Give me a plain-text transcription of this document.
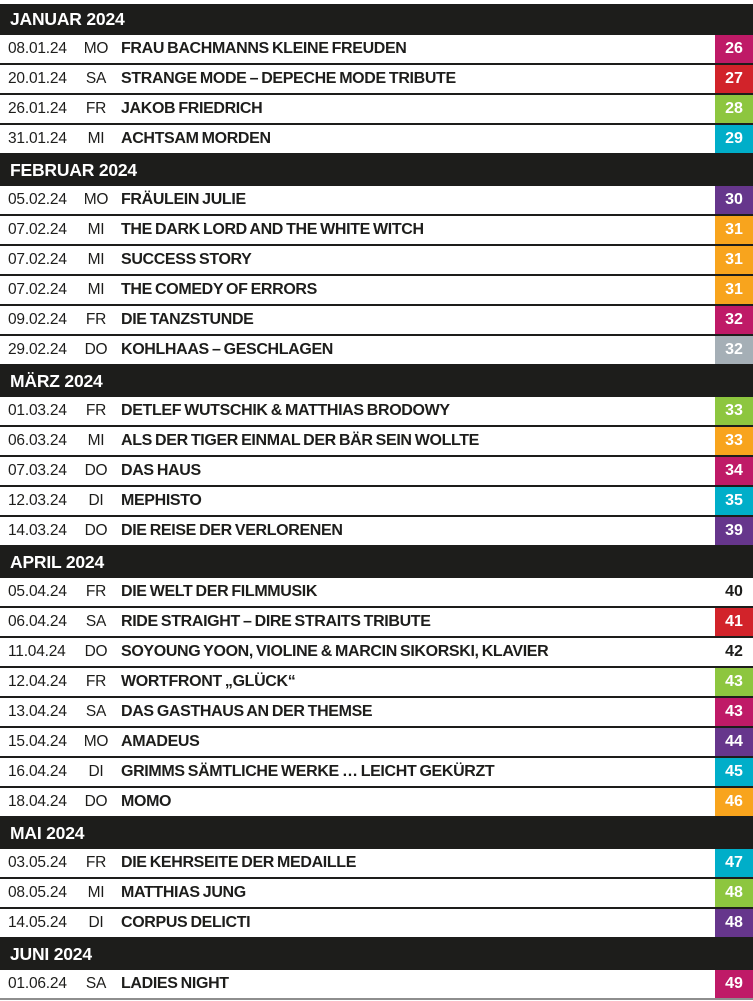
JANUAR 2024
08.01.24	MO FRAU BACHMANNS KLEINE FREUDEN	26
20.01.24	SA STRANGE MODE – DEPECHE MODE TRIBUTE	27
26.01.24	FR JAKOB FRIEDRICH	28
31.01.24	MI	ACHTSAM MORDEN	29
FEBRUAR 2024
05.02.24	MO FRÄULEIN JULIE	30
07.02.24	MI	THE DARK LORD AND THE WHITE WITCH	31
07.02.24	MI	SUCCESS STORY	31
07.02.24	MI	THE COMEDY OF ERRORS	31
09.02.24	FR DIE TANZSTUNDE	32
29.02.24	DO KOHLHAAS – GESCHLAGEN	32
MÄRZ 2024
01.03.24	FR DETLEF WUTSCHIK & MATTHIAS BRODOWY	33
06.03.24	MI	ALS DER TIGER EINMAL DER BÄR SEIN WOLLTE	33
07.03.24	DO DAS HAUS	34
12.03.24	DI	MEPHISTO	35
14.03.24	DO DIE REISE DER VERLORENEN	39
APRIL 2024
05.04.24	FR DIE WELT DER FILMMUSIK	40
06.04.24	SA RIDE STRAIGHT – DIRE STRAITS TRIBUTE	41
11.04.24	DO SOYOUNG YOON, VIOLINE & MARCIN SIKORSKI, KLAVIER	42
12.04.24	FR WORTFRONT „GLÜCK“	43
13.04.24	SA DAS GASTHAUS AN DER THEMSE	43
15.04.24	MO AMADEUS	44
16.04.24	DI	GRIMMS SÄMTLICHE WERKE … LEICHT GEKÜRZT	45
18.04.24	DO MOMO	46
MAI 2024
03.05.24	FR DIE KEHRSEITE DER MEDAILLE	47
08.05.24	MI	MATTHIAS JUNG	48
14.05.24	DI	CORPUS DELICTI	48
JUNI 2024
01.06.24	SA LADIES NIGHT	49
